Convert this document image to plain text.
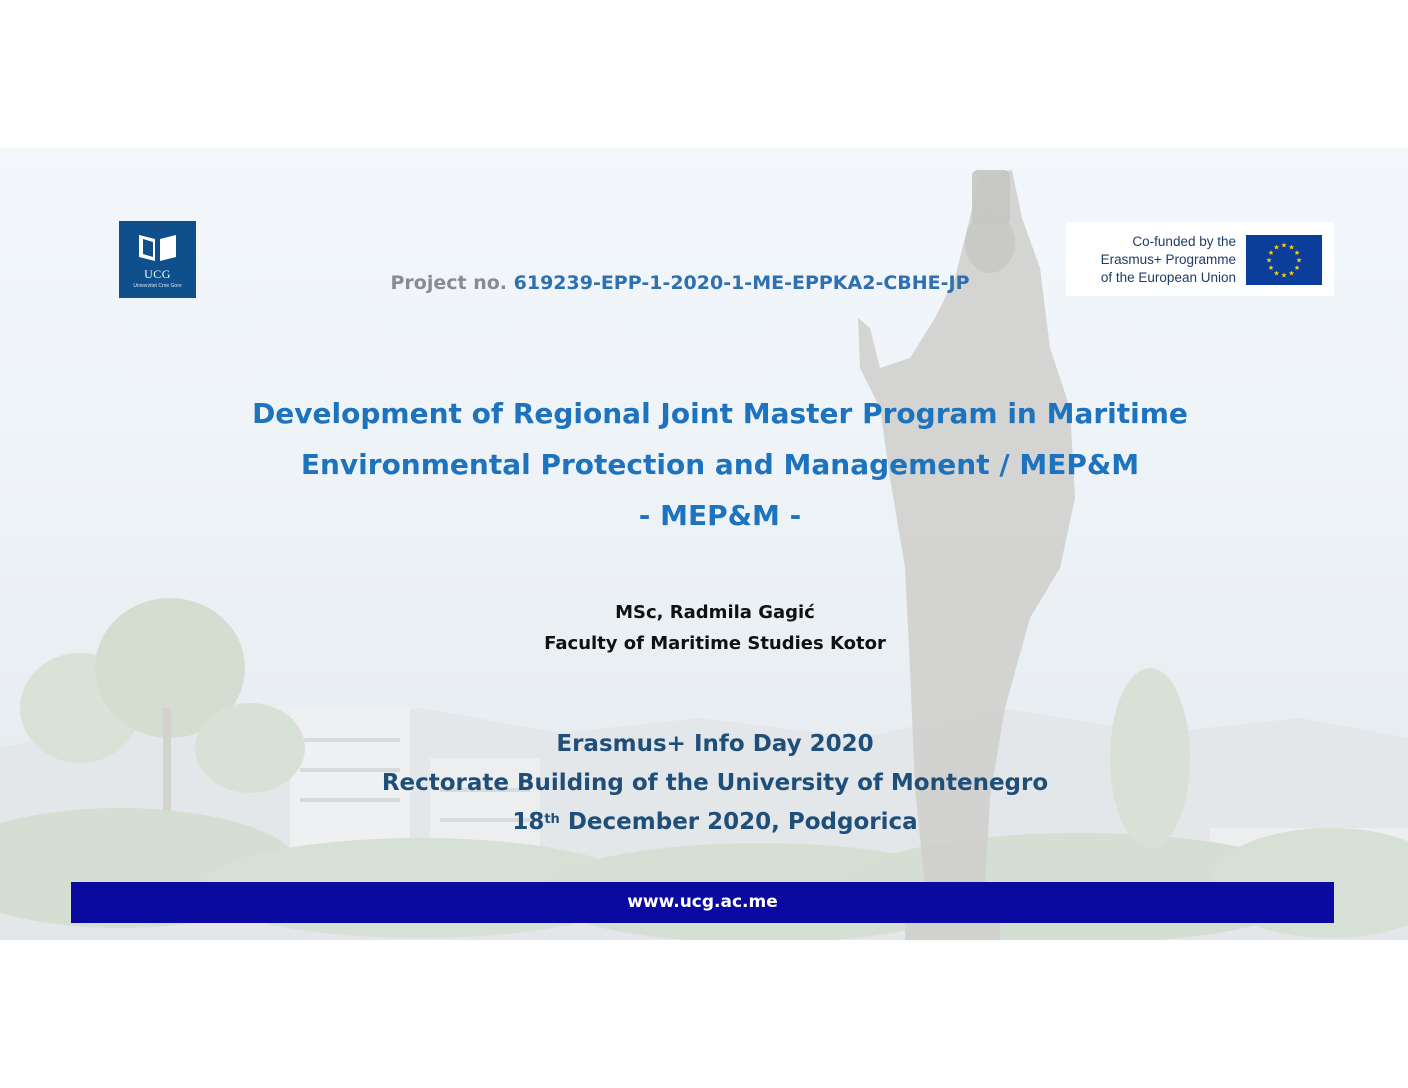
UCG
Univerzitet Crne Gore	Project no. 619239-EPP-1-2020-1-ME-EPPKA2-CBHE-JP
Co-funded by the
Erasmus+ Programme
of the European Union
★
★
★
★
★
★
★
★
★ ★ ★
★
Development of Regional Joint Master Program in Maritime
Environmental Protection and Management / MEP&M
- MEP&M -
MSc, Radmila Gagić
Faculty of Maritime Studies Kotor
Erasmus+ Info Day 2020
Rectorate Building of the University of Montenegro
18th December 2020, Podgorica
www.ucg.ac.me
